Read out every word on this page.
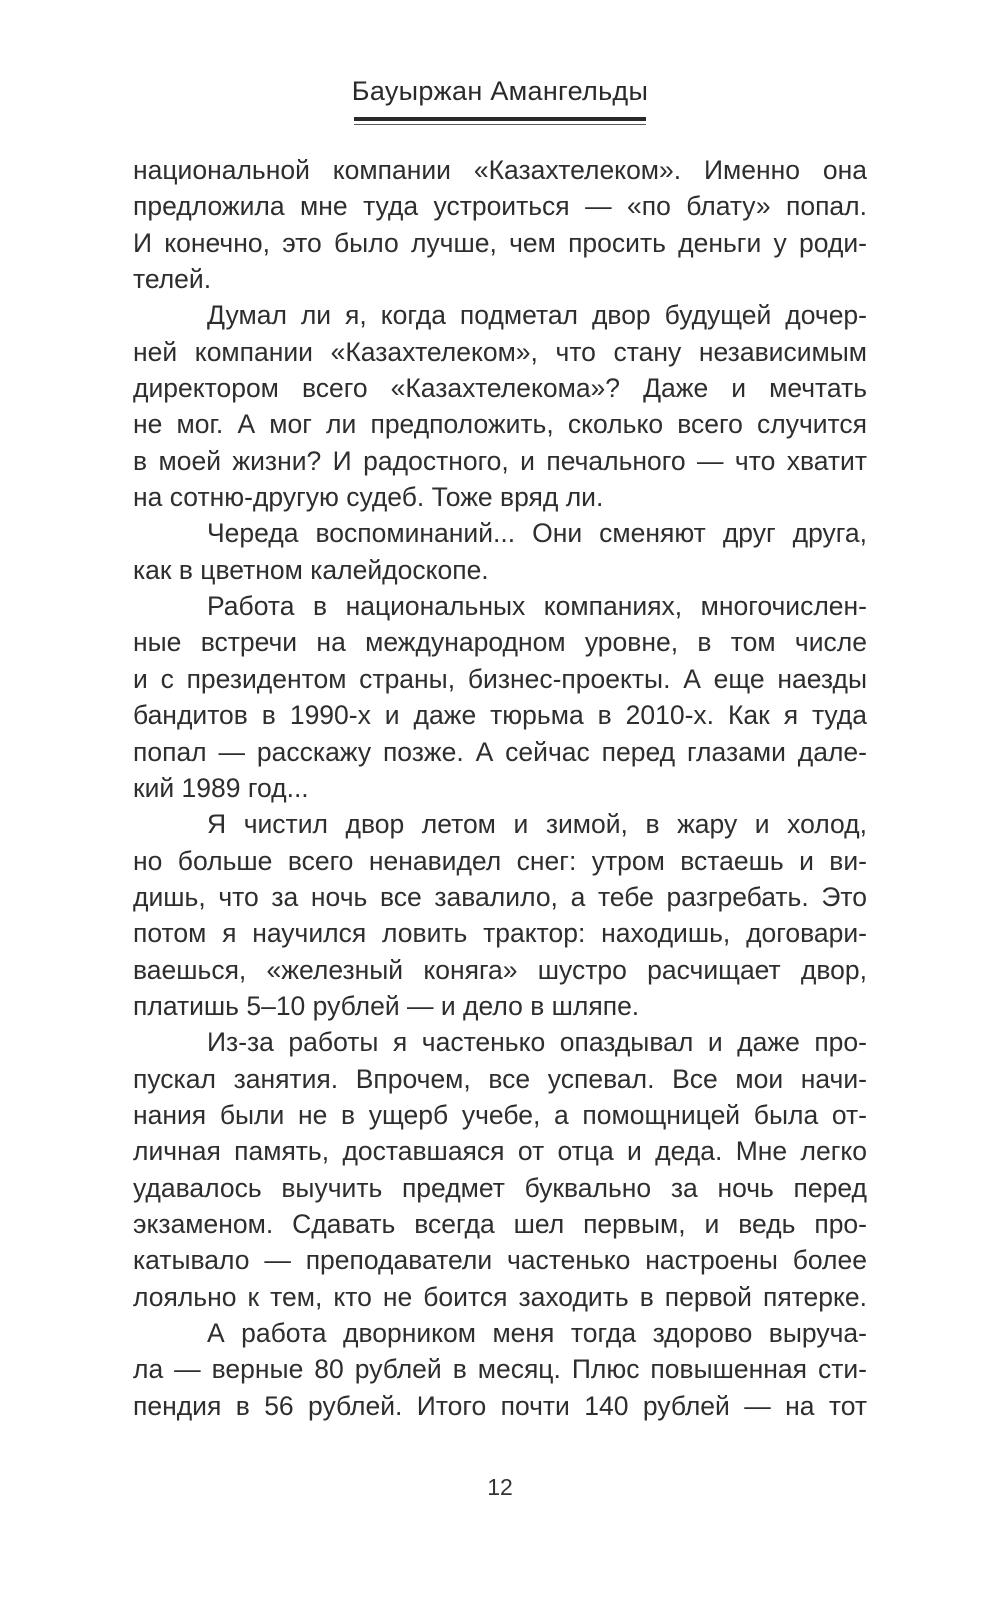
Бауыржан Амангельды
национальной компании «Казахтелеком». Именно она
предложила мне туда устроиться — «по блату» попал.
И конечно, это было лучше, чем просить деньги у роди-
телей.
Думал ли я, когда подметал двор будущей дочер-
ней компании «Казахтелеком», что стану независимым
директором всего «Казахтелекома»? Даже и мечтать
не мог. А мог ли предположить, сколько всего случится
в моей жизни? И радостного, и печального — что хватит
на сотню-другую судеб. Тоже вряд ли.
Череда воспоминаний... Они сменяют друг друга,
как в цветном калейдоскопе.
Работа в национальных компаниях, многочислен-
ные встречи на международном уровне, в том числе
и с президентом страны, бизнес-проекты. А еще наезды
бандитов в 1990-х и даже тюрьма в 2010-х. Как я туда
попал — расскажу позже. А сейчас перед глазами далe-
кий 1989 год...
Я чистил двор летом и зимой, в жару и холод,
но больше всего ненавидел снег: утром встаешь и ви-
дишь, что за ночь все завалило, а тебе разгребать. Это
потом я научился ловить трактор: находишь, договари-
ваешься, «железный коняга» шустро расчищает двор,
платишь 5–10 рублей — и дело в шляпе.
Из-за работы я частенько опаздывал и даже про-
пускал занятия. Впрочем, все успевал. Все мои начи-
нания были не в ущерб учебе, а помощницей была от-
личная память, доставшаяся от отца и деда. Мне легко
удавалось выучить предмет буквально за ночь перед
экзаменом. Сдавать всегда шел первым, и ведь про-
катывало — преподаватели частенько настроены более
лояльно к тем, кто не боится заходить в первой пятерке.
А работа дворником меня тогда здорово выруча-
ла — верные 80 рублей в месяц. Плюс повышенная сти-
пендия в 56 рублей. Итого почти 140 рублей — на тот
12
